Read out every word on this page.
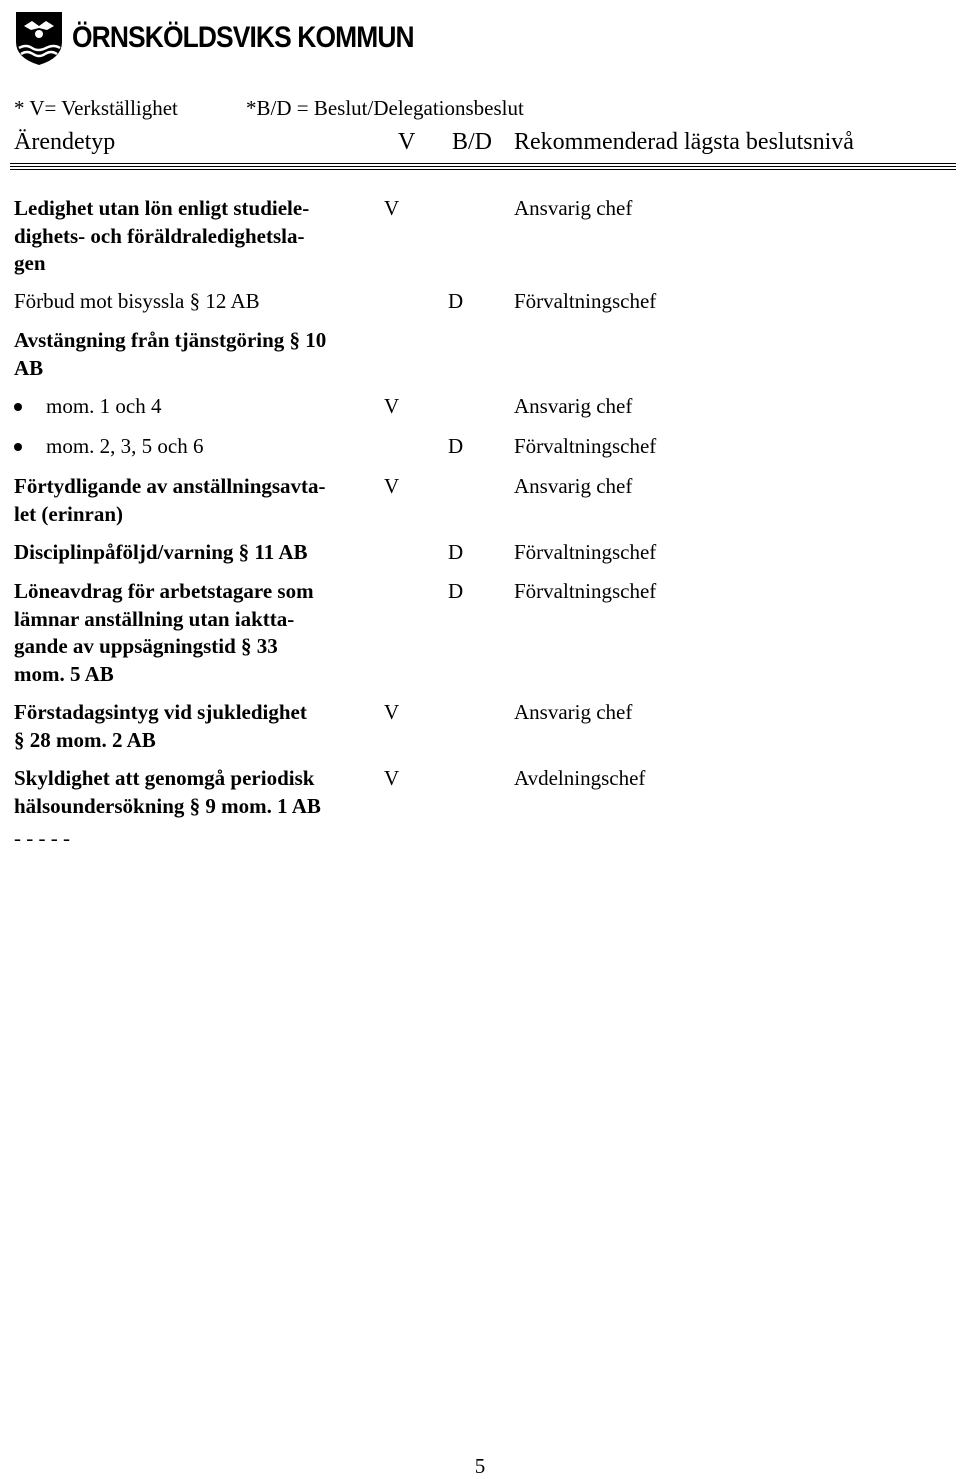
ÖRNSKÖLDSVIKS KOMMUN
* V= Verkställighet	*B/D = Beslut/Delegationsbeslut
Ärendetyp	V B/D Rekommenderad lägsta beslutsnivå
Ledighet utan lön enligt studiele-
dighets- och föräldraledighetsla-
gen
V	Ansvarig chef
Förbud mot bisyssla § 12 AB	D Förvaltningschef
Avstängning från tjänstgöring § 10
AB
mom. 1 och 4	V	Ansvarig chef
mom. 2, 3, 5 och 6	D Förvaltningschef
Förtydligande av anställningsavta-
let (erinran)
V	Ansvarig chef
Disciplinpåföljd/varning § 11 AB	D Förvaltningschef
Löneavdrag för arbetstagare som
lämnar anställning utan iaktta-
gande av uppsägningstid § 33
mom. 5 AB
D Förvaltningschef
Förstadagsintyg vid sjukledighet
§ 28 mom. 2 AB
V	Ansvarig chef
Skyldighet att genomgå periodisk
hälsoundersökning § 9 mom. 1 AB
V	Avdelningschef
- - - - -
5
